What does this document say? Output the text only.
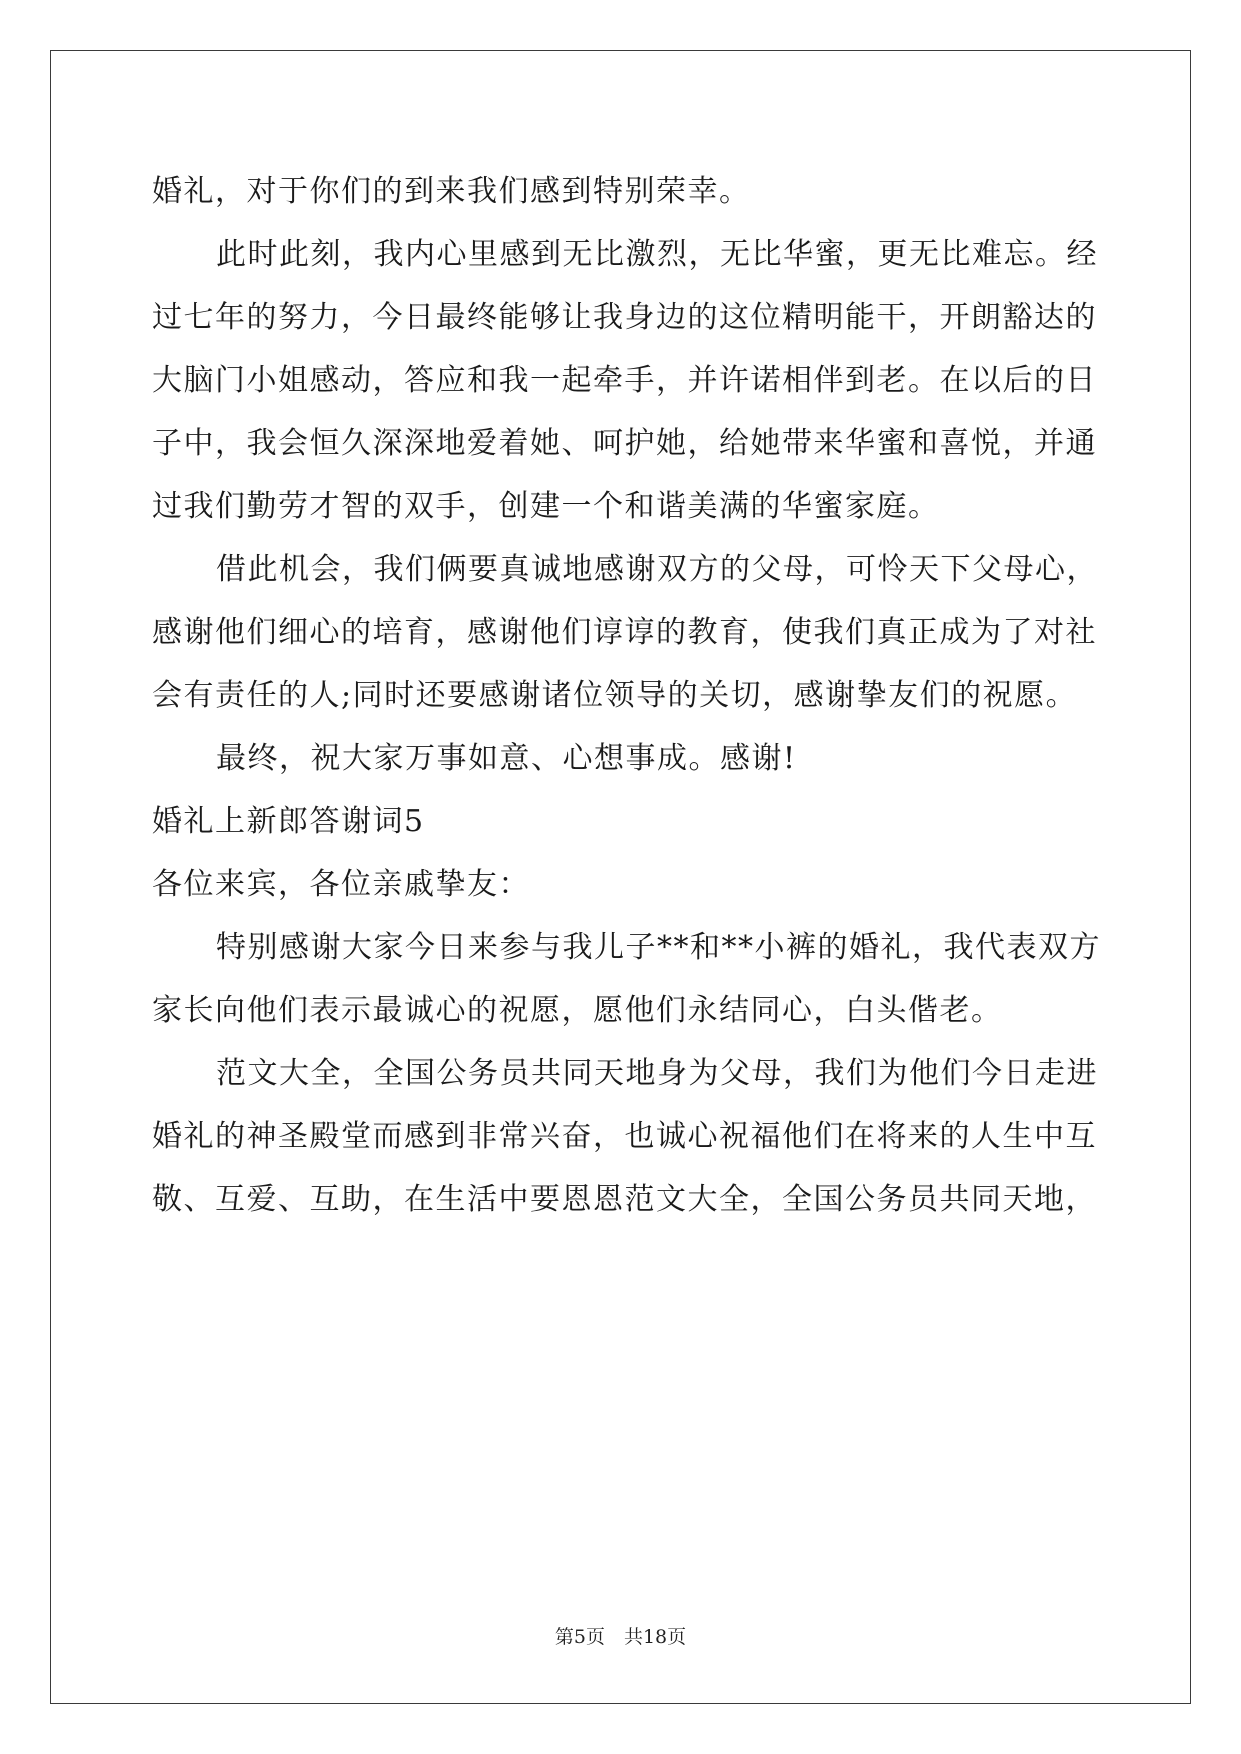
婚礼，对于你们的到来我们感到特别荣幸。

此时此刻，我内心里感到无比激烈，无比华蜜，更无比难忘。经

过七年的努力，今日最终能够让我身边的这位精明能干，开朗豁达的

大脑门小姐感动，答应和我一起牵手，并许诺相伴到老。在以后的日

子中，我会恒久深深地爱着她、呵护她，给她带来华蜜和喜悦，并通

过我们勤劳才智的双手，创建一个和谐美满的华蜜家庭。

借此机会，我们俩要真诚地感谢双方的父母，可怜天下父母心，

感谢他们细心的培育，感谢他们谆谆的教育，使我们真正成为了对社

会有责任的人;同时还要感谢诸位领导的关切，感谢挚友们的祝愿。

最终，祝大家万事如意、心想事成。感谢!

婚礼上新郎答谢词5

各位来宾，各位亲戚挚友：

特别感谢大家今日来参与我儿子**和**小裤的婚礼，我代表双方

家长向他们表示最诚心的祝愿，愿他们永结同心，白头偕老。

范文大全，全国公务员共同天地身为父母，我们为他们今日走进

婚礼的神圣殿堂而感到非常兴奋，也诚心祝福他们在将来的人生中互

敬、互爱、互助，在生活中要恩恩范文大全，全国公务员共同天地，

第5页　共18页
